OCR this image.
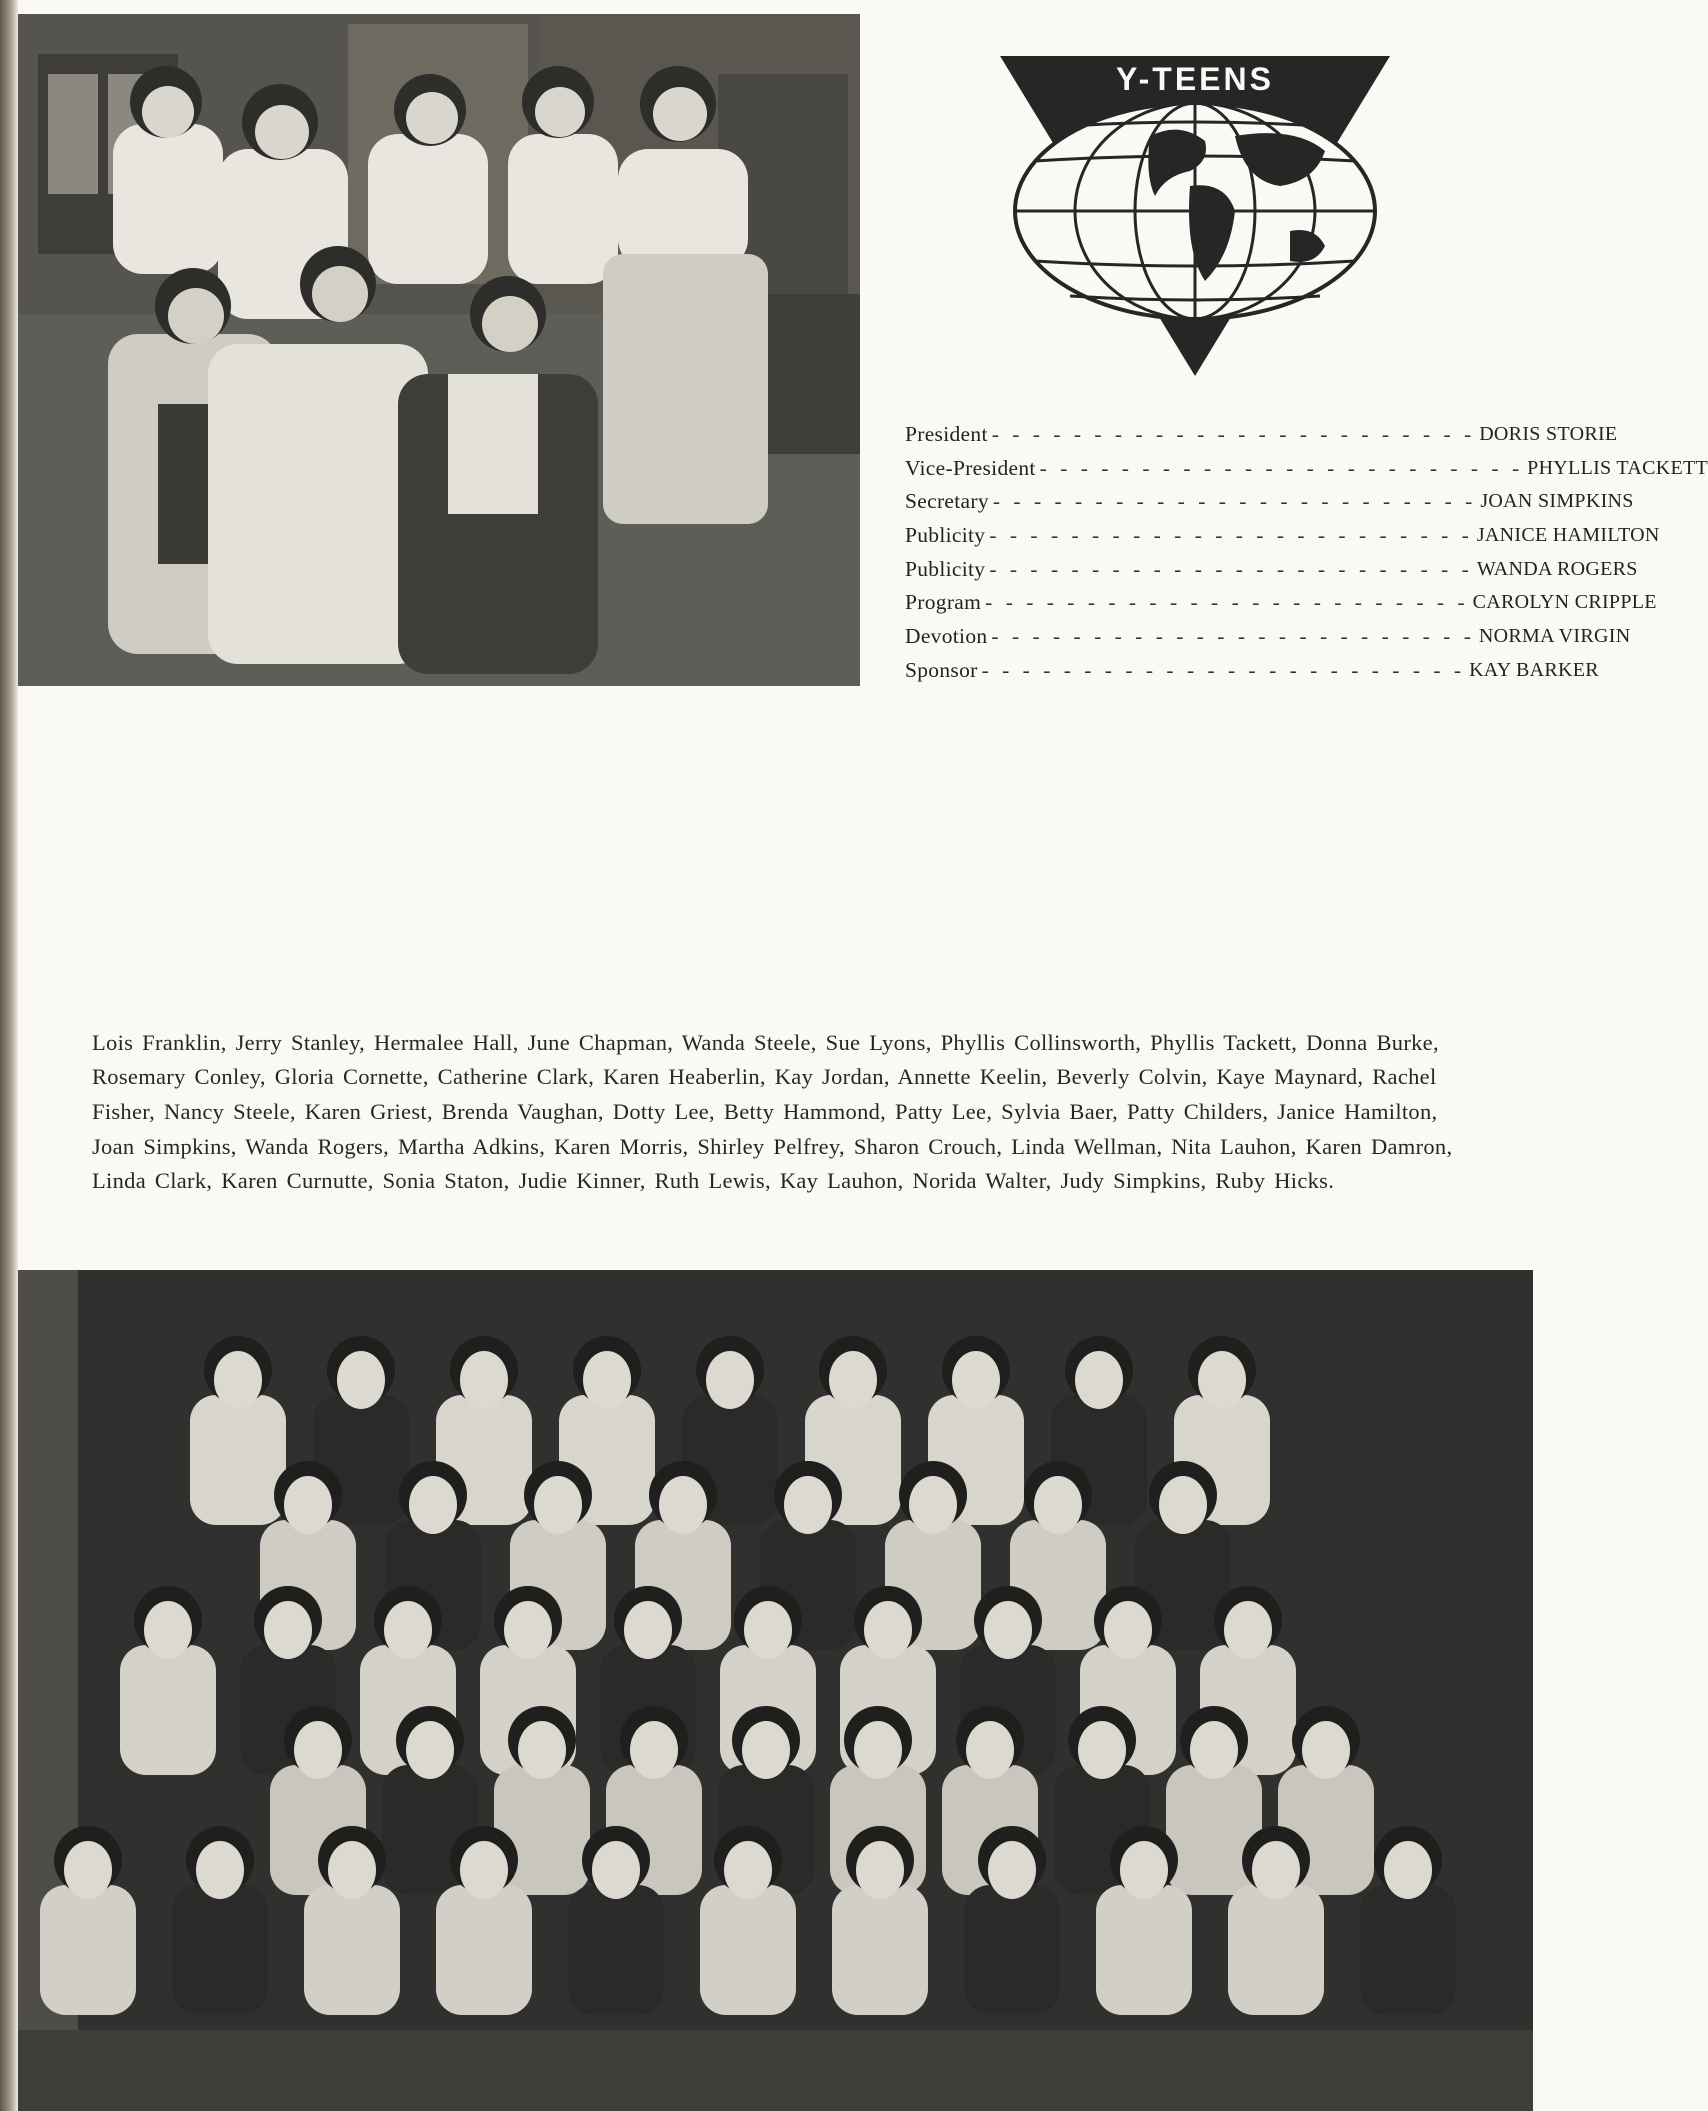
Y-TEENS
President - - - - - - - - - - - - - - - - - - - - - - - - DORIS STORIE
Vice-President - - - - - - - - - - - - - - - - - - - - - - - - PHYLLIS TACKETT
Secretary - - - - - - - - - - - - - - - - - - - - - - - - JOAN SIMPKINS
Publicity - - - - - - - - - - - - - - - - - - - - - - - - JANICE HAMILTON
Publicity - - - - - - - - - - - - - - - - - - - - - - - - WANDA ROGERS
Program - - - - - - - - - - - - - - - - - - - - - - - - CAROLYN CRIPPLE
Devotion - - - - - - - - - - - - - - - - - - - - - - - - NORMA VIRGIN
Sponsor - - - - - - - - - - - - - - - - - - - - - - - - KAY BARKER

Lois Franklin, Jerry Stanley, Hermalee Hall, June Chapman, Wanda Steele, Sue Lyons, Phyllis Collinsworth, Phyllis Tackett, Donna Burke, Rosemary Conley, Gloria Cornette, Catherine Clark, Karen Heaberlin, Kay Jordan, Annette Keelin, Beverly Colvin, Kaye Maynard, Rachel Fisher, Nancy Steele, Karen Griest, Brenda Vaughan, Dotty Lee, Betty Hammond, Patty Lee, Sylvia Baer, Patty Childers, Janice Hamilton, Joan Simpkins, Wanda Rogers, Martha Adkins, Karen Morris, Shirley Pelfrey, Sharon Crouch, Linda Wellman, Nita Lauhon, Karen Damron, Linda Clark, Karen Curnutte, Sonia Staton, Judie Kinner, Ruth Lewis, Kay Lauhon, Norida Walter, Judy Simpkins, Ruby Hicks.
